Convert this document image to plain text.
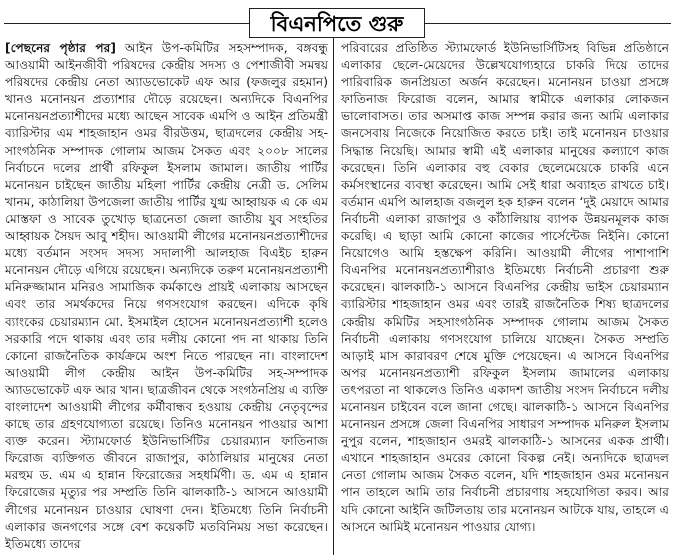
বিএনপিতে গুরু

[পেছনের পৃষ্ঠার পর] আইন উপ-কমিটির সহসম্পাদক, বঙ্গবন্ধু আওয়ামী আইনজীবী পরিষদের কেন্দ্রীয় সদস্য ও পেশাজীবী সমন্বয় পরিষদের কেন্দ্রীয় নেতা অ্যাডভোকেট এফ আর (ফজলুর রহমান) খানও মনোনয়ন প্রত্যাশার দৌড়ে রয়েছেন। অন্যদিকে বিএনপির মনোনয়নপ্রত্যাশীদের মধ্যে আছেন সাবেক এমপি ও আইন প্রতিমন্ত্রী ব্যারিস্টার এম শাহজাহান ওমর বীরউত্তম, ছাত্রদলের কেন্দ্রীয় সহ-সাংগঠনিক সম্পাদক গোলাম আজম সৈকত এবং ২০০৮ সালের নির্বাচনে দলের প্রার্থী রফিকুল ইসলাম জামাল। জাতীয় পার্টির মনোনয়ন চাইছেন জাতীয় মহিলা পার্টির কেন্দ্রীয় নেত্রী ড. সেলিম খানম, কাঠালিয়া উপজেলা জাতীয় পার্টির যুগ্ম আহ্বায়ক এ কে এম মোস্তফা ও সাবেক তুখোড় ছাত্রনেতা জেলা জাতীয় যুব সংহতির আহ্বায়ক সৈয়দ আবু শহীদ। আওয়ামী লীগের মনোনয়নপ্রত্যাশীদের মধ্যে বর্তমান সংসদ সদস্য সদালাপী আলহাজ বিএইচ হারুন মনোনয়ন দৌড়ে এগিয়ে রয়েছেন। অন্যদিকে তরুণ মনোনয়নপ্রত্যাশী মনিরুজ্জামান মনিরও সামাজিক কর্মকাণ্ডে প্রায়ই এলাকায় আসছেন এবং তার সমর্থকদের নিয়ে গণসংযোগ করছেন। এদিকে কৃষি ব্যাংকের চেয়ারম্যান মো. ইসমাইল হোসেন মনোনয়নপ্রত্যাশী হলেও সরকারি পদে থাকায় এবং তার দলীয় কোনো পদ না থাকায় তিনি কোনো রাজনৈতিক কার্যক্রমে অংশ নিতে পারছেন না। বাংলাদেশ আওয়ামী লীগ কেন্দ্রীয় আইন উপ-কমিটির সহ-সম্পাদক অ্যাডভোকেট এফ আর খান। ছাত্রজীবন থেকে সংগঠনপ্রিয় এ ব্যক্তি বাংলাদেশ আওয়ামী লীগের কর্মীবান্ধব হওয়ায় কেন্দ্রীয় নেতৃবৃন্দের কাছে তার গ্রহণযোগ্যতা রয়েছে। তিনিও মনোনয়ন পাওয়ার আশা ব্যক্ত করেন। স্ট্যামফোর্ড ইউনিভার্সিটির চেয়ারম্যান ফাতিনাজ ফিরোজ ব্যক্তিগত জীবনে রাজাপুর, কাঠালিয়ার মানুষের নেতা মরহুম ড. এম এ হান্নান ফিরোজের সহধর্মিণী। ড. এম এ হান্নান ফিরোজের মৃত্যুর পর সম্প্রতি তিনি ঝালকাঠি-১ আসনে আওয়ামী লীগের মনোনয়ন চাওয়ার ঘোষণা দেন। ইতিমধ্যে তিনি নির্বাচনী এলাকার জনগণের সঙ্গে বেশ কয়েকটি মতবিনিময় সভা করেছেন। ইতিমধ্যে তাদের

পরিবারের প্রতিষ্ঠিত স্ট্যামফোর্ড ইউনিভার্সিটিসহ বিভিন্ন প্রতিষ্ঠানে এলাকার ছেলে-মেয়েদের উল্লেখযোগ্যহারে চাকরি দিয়ে তাদের পারিবারিক জনপ্রিয়তা অর্জন করেছেন। মনোনয়ন চাওয়া প্রসঙ্গে ফাতিনাজ ফিরোজ বলেন, আমার স্বামীকে এলাকার লোকজন ভালোবাসত। তার অসমাপ্ত কাজ সম্পন্ন করার জন্য আমি এলাকার জনসেবায় নিজেকে নিয়োজিত করতে চাই। তাই মনোনয়ন চাওয়ার সিদ্ধান্ত নিয়েছি। আমার স্বামী এই এলাকার মানুষের কল্যাণে কাজ করেছেন। তিনি এলাকার বহু বেকার ছেলেমেয়েকে চাকরি এনে কর্মসংস্থানের ব্যবস্থা করেছেন। আমি সেই ধারা অব্যাহত রাখতে চাই। বর্তমান এমপি আলহাজ বজলুল হক হারুন বলেন ‘দুই মেয়াদে আমার নির্বাচনী এলাকা রাজাপুর ও কাঁঠালিয়ায় ব্যাপক উন্নয়নমূলক কাজ করেছি। এ ছাড়া আমি কোনো কাজের পার্সেন্টেজ নিইনি। কোনো নিয়োগেও আমি হস্তক্ষেপ করিনি। আওয়ামী লীগের পাশাপাশি বিএনপির মনোনয়নপ্রত্যাশীরাও ইতিমধ্যে নির্বাচনী প্রচারণা শুরু করেছেন। ঝালকাঠি-১ আসনে বিএনপির কেন্দ্রীয় ভাইস চেয়ারম্যান ব্যারিস্টার শাহজাহান ওমর এবং তারই রাজনৈতিক শিষ্য ছাত্রদলের কেন্দ্রীয় কমিটির সহসাংগঠনিক সম্পাদক গোলাম আজম সৈকত নির্বাচনী এলাকায় গণসংযোগ চালিয়ে যাচ্ছেন। সৈকত সম্প্রতি আড়াই মাস কারাবরণ শেষে মুক্তি পেয়েছেন। এ আসনে বিএনপির অপর মনোনয়নপ্রত্যাশী রফিকুল ইসলাম জামালের এলাকায় তৎপরতা না থাকলেও তিনিও একাদশ জাতীয় সংসদ নির্বাচনে দলীয় মনোনয়ন চাইবেন বলে জানা গেছে। ঝালকাঠি-১ আসনে বিএনপির মনোনয়ন প্রসঙ্গে জেলা বিএনপির সাধারণ সম্পাদক মনিরুল ইসলাম নুপুর বলেন, শাহজাহান ওমরই ঝালকাঠি-১ আসনের একক প্রার্থী। এখানে শাহজাহান ওমরের কোনো বিকল্প নেই। অন্যদিকে ছাত্রদল নেতা গোলাম আজম সৈকত বলেন, যদি শাহজাহান ওমর মনোনয়ন পান তাহলে আমি তার নির্বাচনী প্রচারণায় সহযোগিতা করব। আর যদি কোনো আইনি জটিলতায় তার মনোনয়ন আটকে যায়, তাহলে এ আসনে আমিই মনোনয়ন পাওয়ার যোগ্য।
